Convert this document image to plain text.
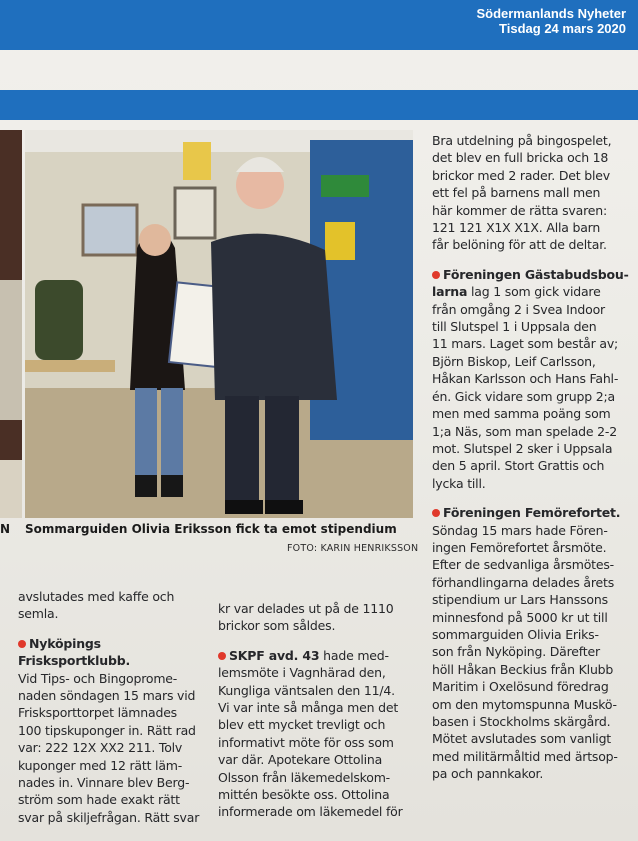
Södermanlands Nyheter
Tisdag 24 mars 2020
N Sommarguiden Olivia Eriksson fick ta emot stipendium
FOTO: KARIN HENRIKSSON
Bra utdelning på bingospelet,
det blev en full bricka och 18
brickor med 2 rader. Det blev
ett fel på barnens mall men
här kommer de rätta svaren:
121 121 X1X X1X. Alla barn
får belöning för att de deltar.
Föreningen Gästabudsbou-
larna lag 1 som gick vidare
från omgång 2 i Svea Indoor
till Slutspel 1 i Uppsala den
11 mars. Laget som består av;
Björn Biskop, Leif Carlsson,
Håkan Karlsson och Hans Fahl-
én. Gick vidare som grupp 2;a
men med samma poäng som
1;a Näs, som man spelade 2-2
mot. Slutspel 2 sker i Uppsala
den 5 april. Stort Grattis och
lycka till.
Föreningen Femörefortet.
Söndag 15 mars hade Fören-
ingen Femörefortet årsmöte.
Efter de sedvanliga årsmötes-
förhandlingarna delades årets
stipendium ur Lars Hanssons
minnesfond på 5000 kr ut till
sommarguiden Olivia Eriks-
son från Nyköping. Därefter
höll Håkan Beckius från Klubb
Maritim i Oxelösund föredrag
om den mytomspunna Muskö-
basen i Stockholms skärgård.
Mötet avslutades som vanligt
med militärmåltid med ärtsop-
pa och pannkakor.
avslutades med kaffe och
semla.
Nyköpings Frisksportklubb.
Vid Tips- och Bingoprome-
naden söndagen 15 mars vid
Frisksporttorpet lämnades
100 tipskuponger in. Rätt rad
var: 222 12X XX2 211. Tolv
kuponger med 12 rätt läm-
nades in. Vinnare blev Berg-
ström som hade exakt rätt
svar på skiljefrågan. Rätt svar
kr var delades ut på de 1110
brickor som såldes.
SKPF avd. 43 hade med-
lemsmöte i Vagnhärad den,
Kungliga väntsalen den 11/4.
Vi var inte så många men det
blev ett mycket trevligt och
informativt möte för oss som
var där. Apotekare Ottolina
Olsson från läkemedelskom-
mittén besökte oss. Ottolina
informerade om läkemedel för
